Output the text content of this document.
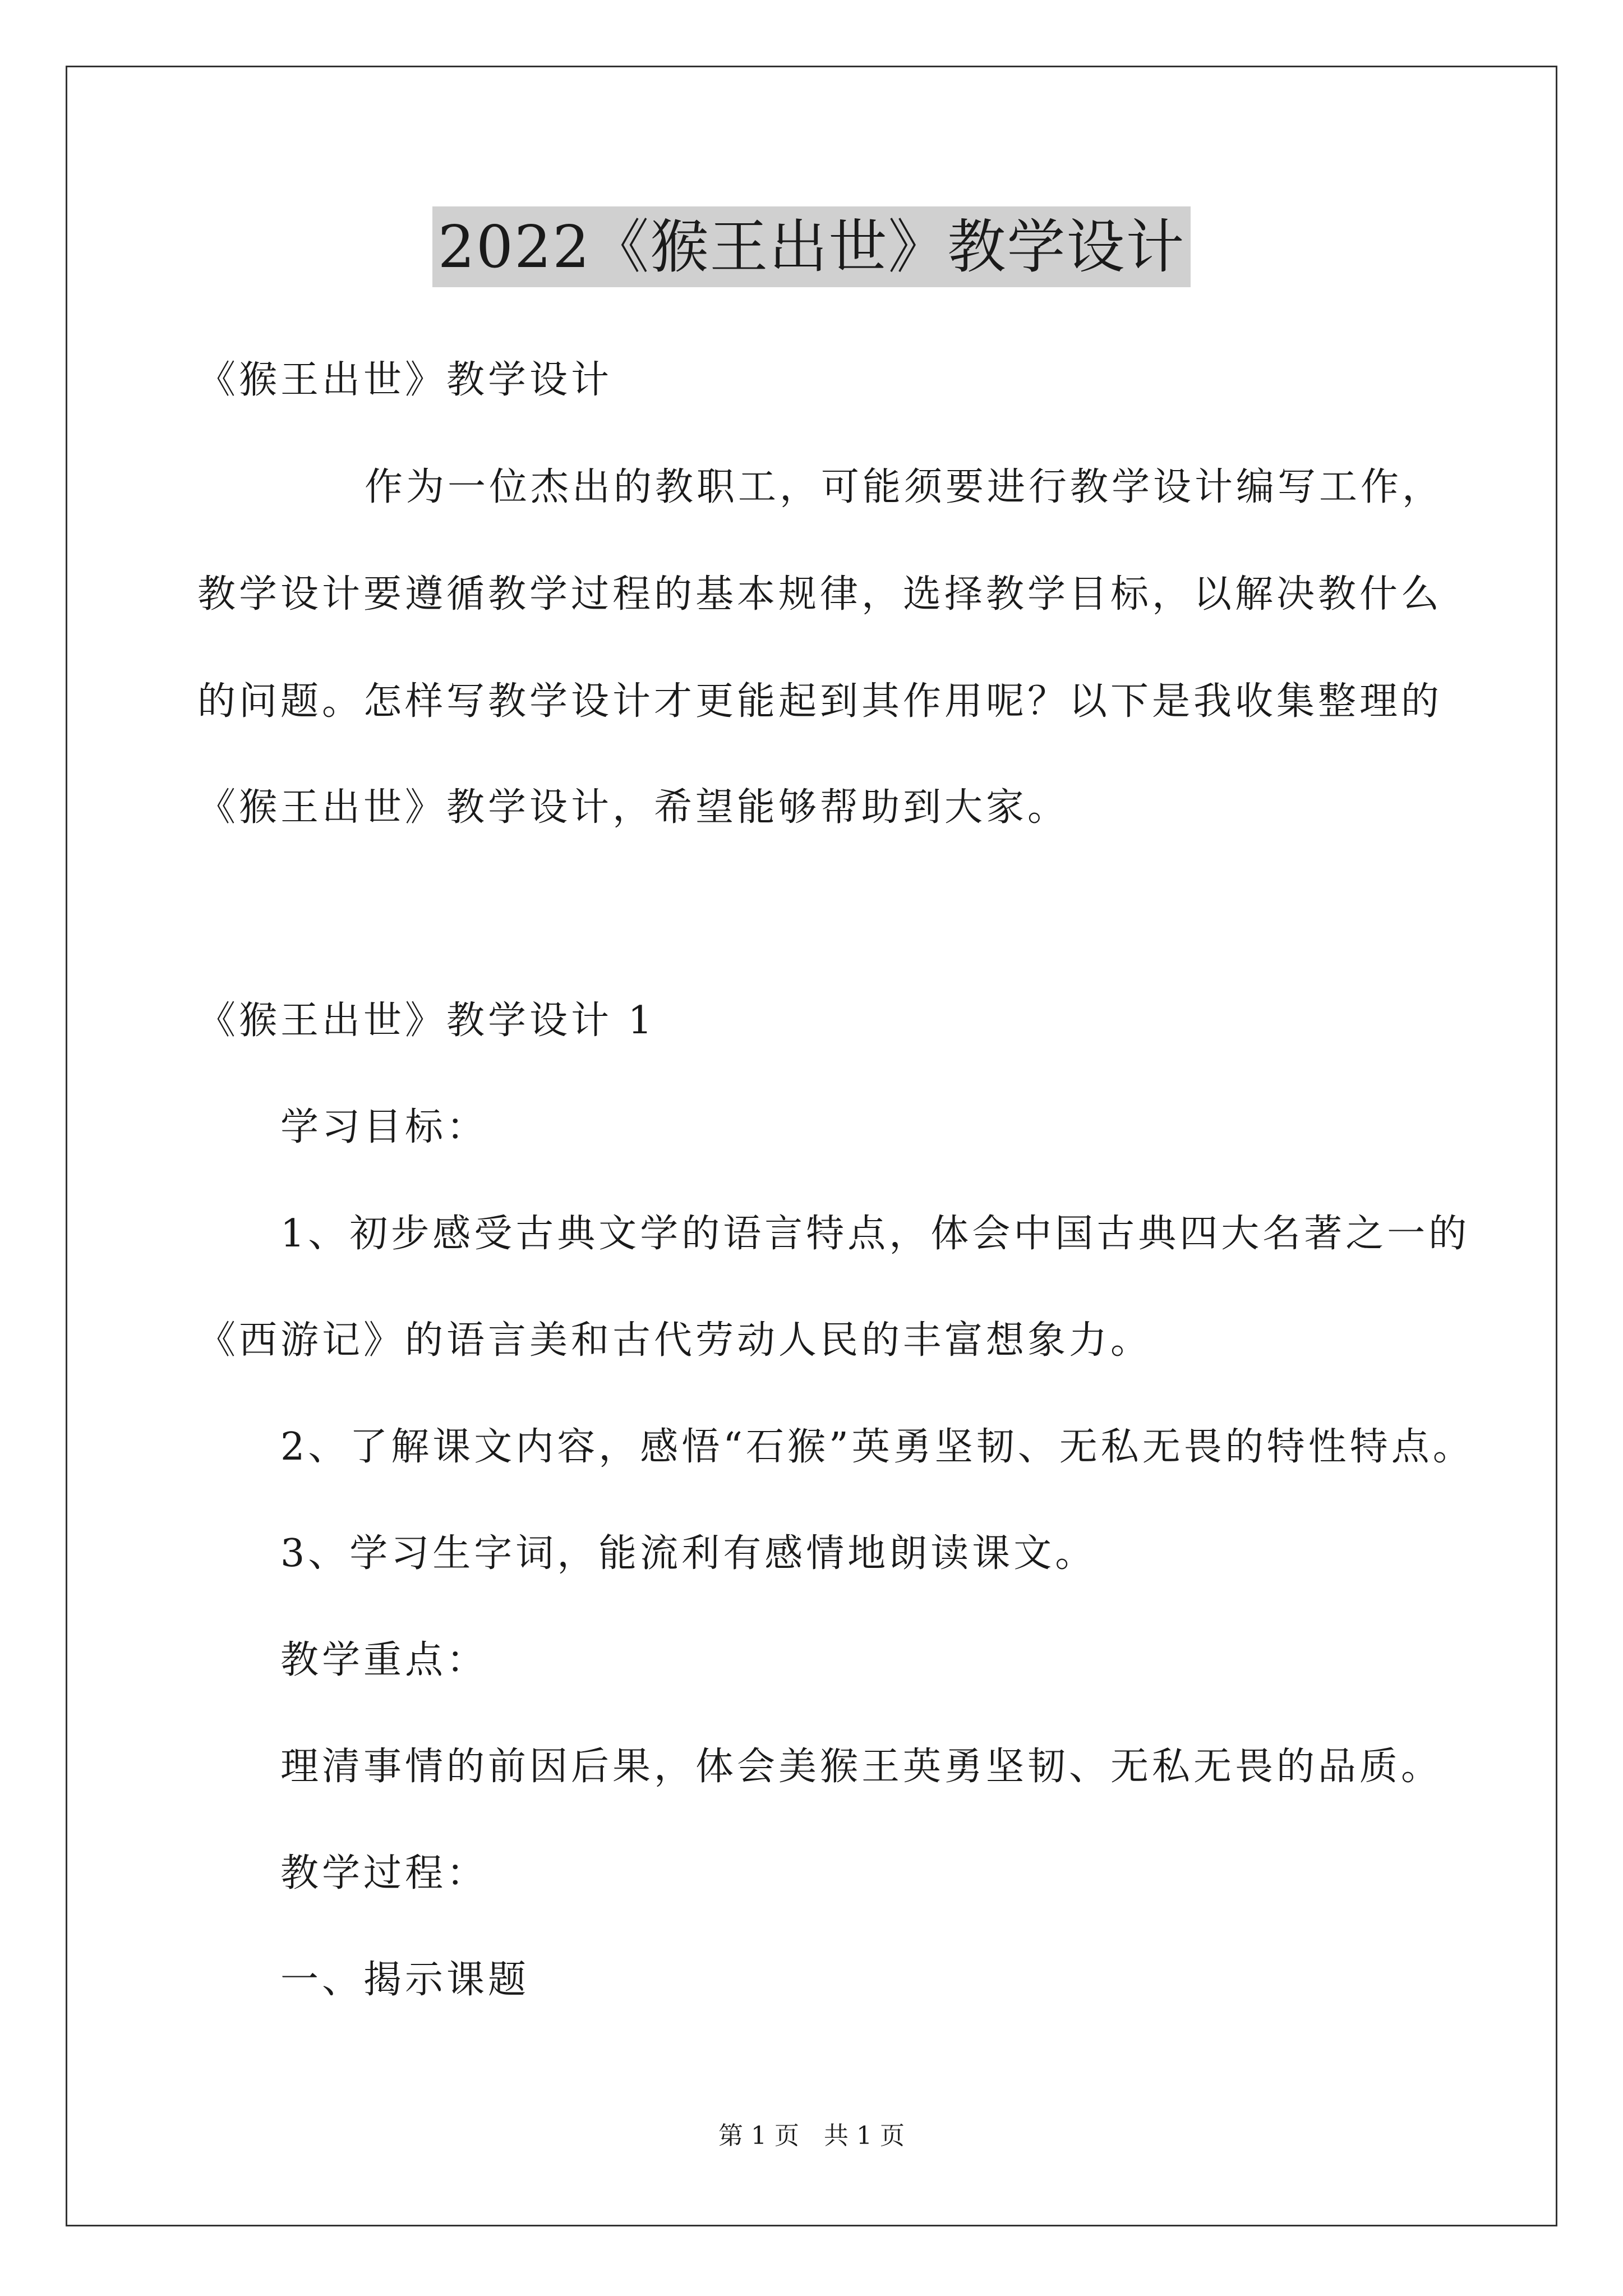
2022《猴王出世》教学设计
《猴王出世》教学设计
作为一位杰出的教职工，可能须要进行教学设计编写工作，
教学设计要遵循教学过程的基本规律，选择教学目标，以解决教什么
的问题。怎样写教学设计才更能起到其作用呢？以下是我收集整理的
《猴王出世》教学设计，希望能够帮助到大家。
《猴王出世》教学设计 1
学习目标：
1、初步感受古典文学的语言特点，体会中国古典四大名著之一的
《西游记》的语言美和古代劳动人民的丰富想象力。
2、了解课文内容，感悟“石猴”英勇坚韧、无私无畏的特性特点。
3、学习生字词，能流利有感情地朗读课文。
教学重点：
理清事情的前因后果，体会美猴王英勇坚韧、无私无畏的品质。
教学过程：
一、揭示课题
第 1 页　共 1 页
